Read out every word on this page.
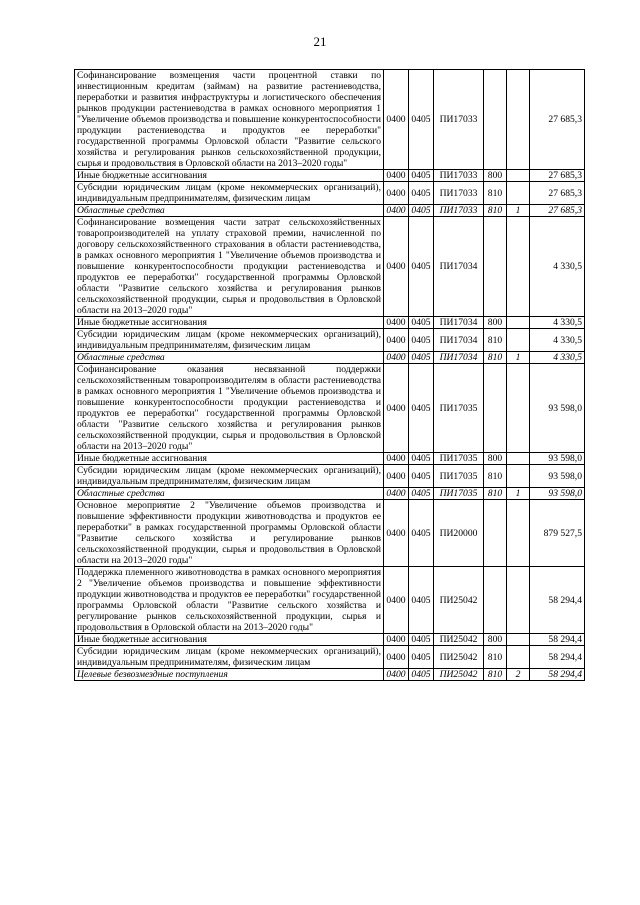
21
Софинансирование возмещения части процентной ставки по инвестиционным кредитам (займам) на развитие растениеводства, переработки и развития инфраструктуры и логистического обеспечения рынков продукции растениеводства в рамках основного мероприятия 1 "Увеличение объемов производства и повышение конкурентоспособности продукции растениеводства и продуктов ее переработки" государственной программы Орловской области "Развитие сельского хозяйства и регулирования рынков сельскохозяйственной продукции, сырья и продовольствия в Орловской области на 2013–2020 годы"	0400	0405	ПИ17033			27 685,3
Иные бюджетные ассигнования	0400	0405	ПИ17033	800		27 685,3
Субсидии юридическим лицам (кроме некоммерческих организаций), индивидуальным предпринимателям, физическим лицам	0400	0405	ПИ17033	810		27 685,3
Областные средства	0400	0405	ПИ17033	810	1	27 685,3
Софинансирование возмещения части затрат сельскохозяйственных товаропроизводителей на уплату страховой премии, начисленной по договору сельскохозяйственного страхования в области растениеводства, в рамках основного мероприятия 1 "Увеличение объемов производства и повышение конкурентоспособности продукции растениеводства и продуктов ее переработки" государственной программы Орловской области "Развитие сельского хозяйства и регулирования рынков сельскохозяйственной продукции, сырья и продовольствия в Орловской области на 2013–2020 годы"	0400	0405	ПИ17034			4 330,5
Иные бюджетные ассигнования	0400	0405	ПИ17034	800		4 330,5
Субсидии юридическим лицам (кроме некоммерческих организаций), индивидуальным предпринимателям, физическим лицам	0400	0405	ПИ17034	810		4 330,5
Областные средства	0400	0405	ПИ17034	810	1	4 330,5
Софинансирование оказания несвязанной поддержки сельскохозяйственным товаропроизводителям в области растениеводства в рамках основного мероприятия 1 "Увеличение объемов производства и повышение конкурентоспособности продукции растениеводства и продуктов ее переработки" государственной программы Орловской области "Развитие сельского хозяйства и регулирования рынков сельскохозяйственной продукции, сырья и продовольствия в Орловской области на 2013–2020 годы"	0400	0405	ПИ17035			93 598,0
Иные бюджетные ассигнования	0400	0405	ПИ17035	800		93 598,0
Субсидии юридическим лицам (кроме некоммерческих организаций), индивидуальным предпринимателям, физическим лицам	0400	0405	ПИ17035	810		93 598,0
Областные средства	0400	0405	ПИ17035	810	1	93 598,0
Основное мероприятие 2 "Увеличение объемов производства и повышение эффективности продукции животноводства и продуктов ее переработки" в рамках государственной программы Орловской области "Развитие сельского хозяйства и регулирование рынков сельскохозяйственной продукции, сырья и продовольствия в Орловской области на 2013–2020 годы"	0400	0405	ПИ20000			879 527,5
Поддержка племенного животноводства в рамках основного мероприятия 2 "Увеличение объемов производства и повышение эффективности продукции животноводства и продуктов ее переработки" государственной программы Орловской области "Развитие сельского хозяйства и регулирование рынков сельскохозяйственной продукции, сырья и продовольствия в Орловской области на 2013–2020 годы"	0400	0405	ПИ25042			58 294,4
Иные бюджетные ассигнования	0400	0405	ПИ25042	800		58 294,4
Субсидии юридическим лицам (кроме некоммерческих организаций), индивидуальным предпринимателям, физическим лицам	0400	0405	ПИ25042	810		58 294,4
Целевые безвозмездные поступления	0400	0405	ПИ25042	810	2	58 294,4
